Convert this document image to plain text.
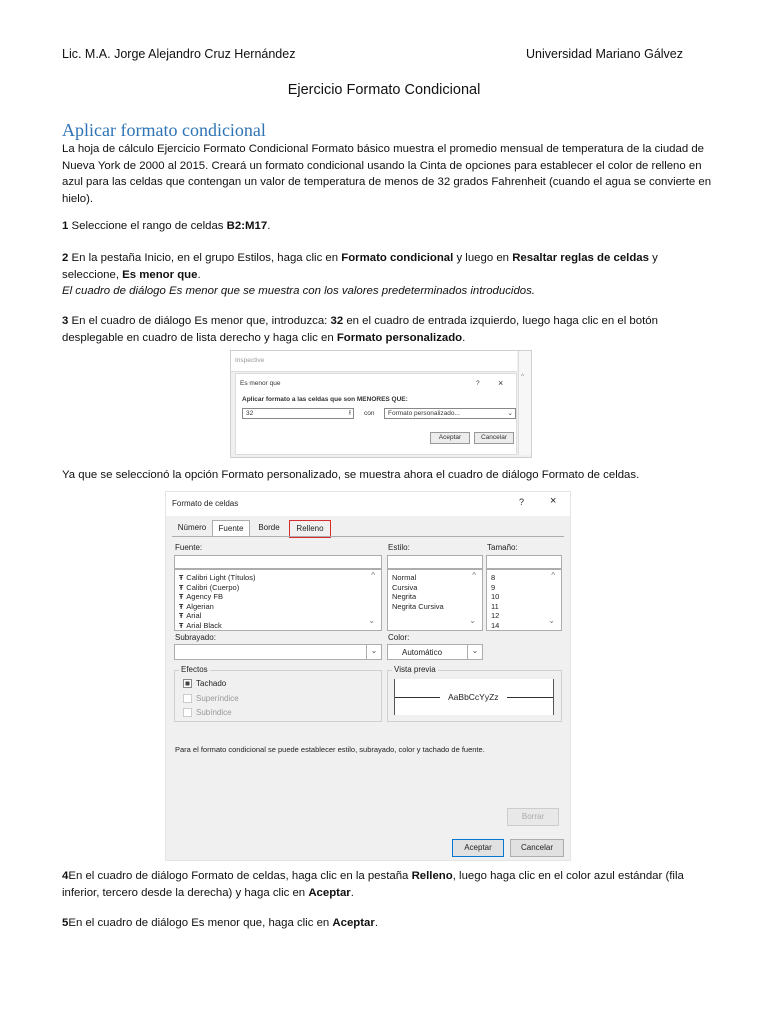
Lic. M.A. Jorge Alejandro Cruz Hernández	Universidad Mariano Gálvez
Ejercicio Formato Condicional
Aplicar formato condicional
La hoja de cálculo Ejercicio Formato Condicional Formato básico muestra el promedio mensual de temperatura de la ciudad de Nueva York de 2000 al 2015. Creará un formato condicional usando la Cinta de opciones para establecer el color de relleno en azul para las celdas que contengan un valor de temperatura de menos de 32 grados Fahrenheit (cuando el agua se convierte en hielo).
1 Seleccione el rango de celdas B2:M17.
2 En la pestaña Inicio, en el grupo Estilos, haga clic en Formato condicional y luego en Resaltar reglas de celdas y seleccione, Es menor que.
El cuadro de diálogo Es menor que se muestra con los valores predeterminados introducidos.
3 En el cuadro de diálogo Es menor que, introduzca: 32 en el cuadro de entrada izquierdo, luego haga clic en el botón desplegable en cuadro de lista derecho y haga clic en Formato personalizado.
Inspective
^
Es menor que	? ×
Aplicar formato a las celdas que son MENORES QUE:
32	⭱ con Formato personalizado...	⌄
Aceptar	Cancelar
Ya que se seleccionó la opción Formato personalizado, se muestra ahora el cuadro de diálogo Formato de celdas.
Formato de celdas	? ×
Número	Fuente	Borde	Relleno
Fuente:	Estilo:	Tamaño:
Ŧ Calibri Light (Títulos)
Ŧ Calibri (Cuerpo)
Ŧ Agency FB
Ŧ Algerian
Ŧ Arial
Ŧ Arial Black
^
⌄
Normal
Cursiva
Negrita
Negrita Cursiva
^
⌄
8
9
10
11
12
14
^
⌄
Subrayado:	Color:
⌄	Automático	⌄
Efectos
Tachado
Superíndice
Subíndice
Vista previa
AaBbCcYyZz
Para el formato condicional se puede establecer estilo, subrayado, color y tachado de fuente.
Borrar
Aceptar	Cancelar
4En el cuadro de diálogo Formato de celdas, haga clic en la pestaña Relleno, luego haga clic en el color azul estándar (fila inferior, tercero desde la derecha) y haga clic en Aceptar.
5En el cuadro de diálogo Es menor que, haga clic en Aceptar.
